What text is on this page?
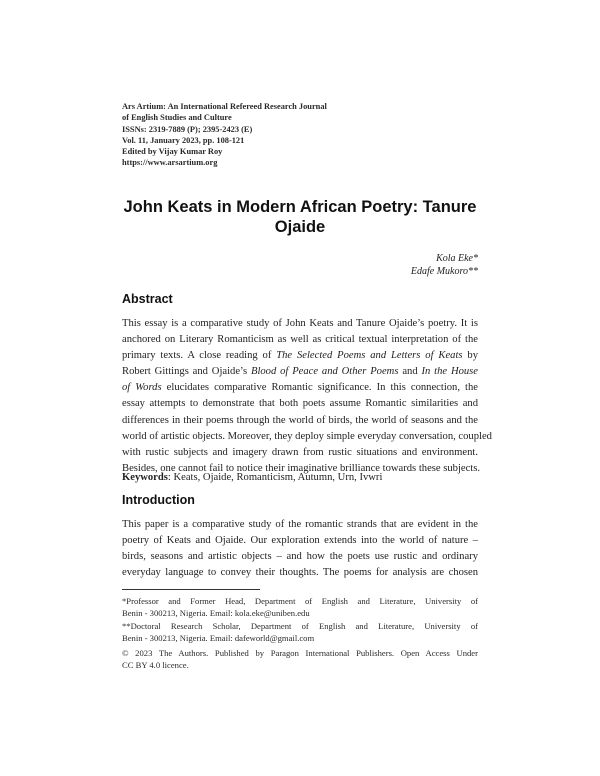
Ars Artium: An International Refereed Research Journal
of English Studies and Culture
ISSNs: 2319-7889 (P); 2395-2423 (E)
Vol. 11, January 2023, pp. 108-121
Edited by Vijay Kumar Roy
https://www.arsartium.org
John Keats in Modern African Poetry: Tanure
Ojaide
Kola Eke*
Edafe Mukoro**
Abstract
This essay is a comparative study of John Keats and Tanure Ojaide’s poetry. It is
anchored on Literary Romanticism as well as critical textual interpretation of the
primary texts. A close reading of The Selected Poems and Letters of Keats by
Robert Gittings and Ojaide’s Blood of Peace and Other Poems and In the House
of Words elucidates comparative Romantic significance. In this connection, the
essay attempts to demonstrate that both poets assume Romantic similarities and
differences in their poems through the world of birds, the world of seasons and the
world of artistic objects. Moreover, they deploy simple everyday conversation, coupled
with rustic subjects and imagery drawn from rustic situations and environment.
Besides, one cannot fail to notice their imaginative brilliance towards these subjects.
Keywords: Keats, Ojaide, Romanticism, Autumn, Urn, Ivwri
Introduction
This paper is a comparative study of the romantic strands that are evident in the
poetry of Keats and Ojaide. Our exploration extends into the world of nature –
birds, seasons and artistic objects – and how the poets use rustic and ordinary
everyday language to convey their thoughts. The poems for analysis are chosen
*Professor and Former Head, Department of English and Literature, University of
Benin - 300213, Nigeria. Email: kola.eke@uniben.edu
**Doctoral Research Scholar, Department of English and Literature, University of
Benin - 300213, Nigeria. Email: dafeworld@gmail.com
© 2023 The Authors. Published by Paragon International Publishers. Open Access Under
CC BY 4.0 licence.
